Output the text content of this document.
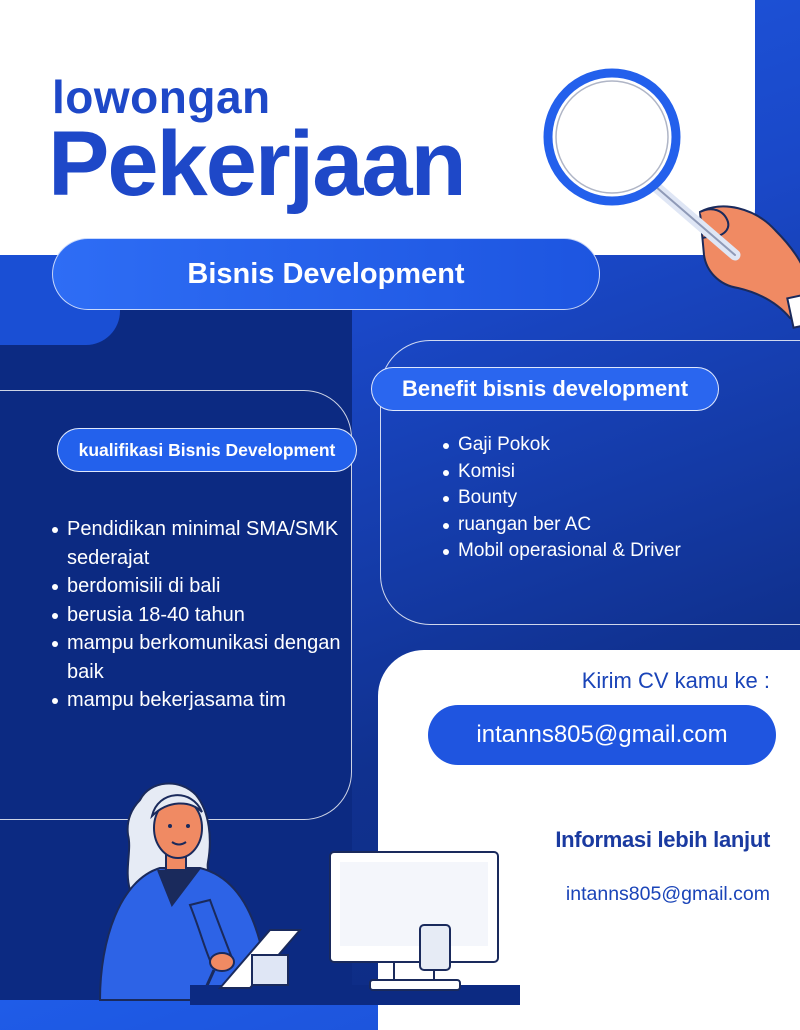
lowongan
Pekerjaan
Bisnis Development
kualifikasi Bisnis Development
Pendidikan minimal SMA/SMK sederajat
berdomisili di bali
berusia 18-40 tahun
mampu berkomunikasi dengan baik
mampu bekerjasama tim
Benefit bisnis development
Gaji Pokok
Komisi
Bounty
ruangan ber AC
Mobil operasional & Driver
Kirim CV kamu ke :
intanns805@gmail.com
Informasi lebih lanjut
intanns805@gmail.com
